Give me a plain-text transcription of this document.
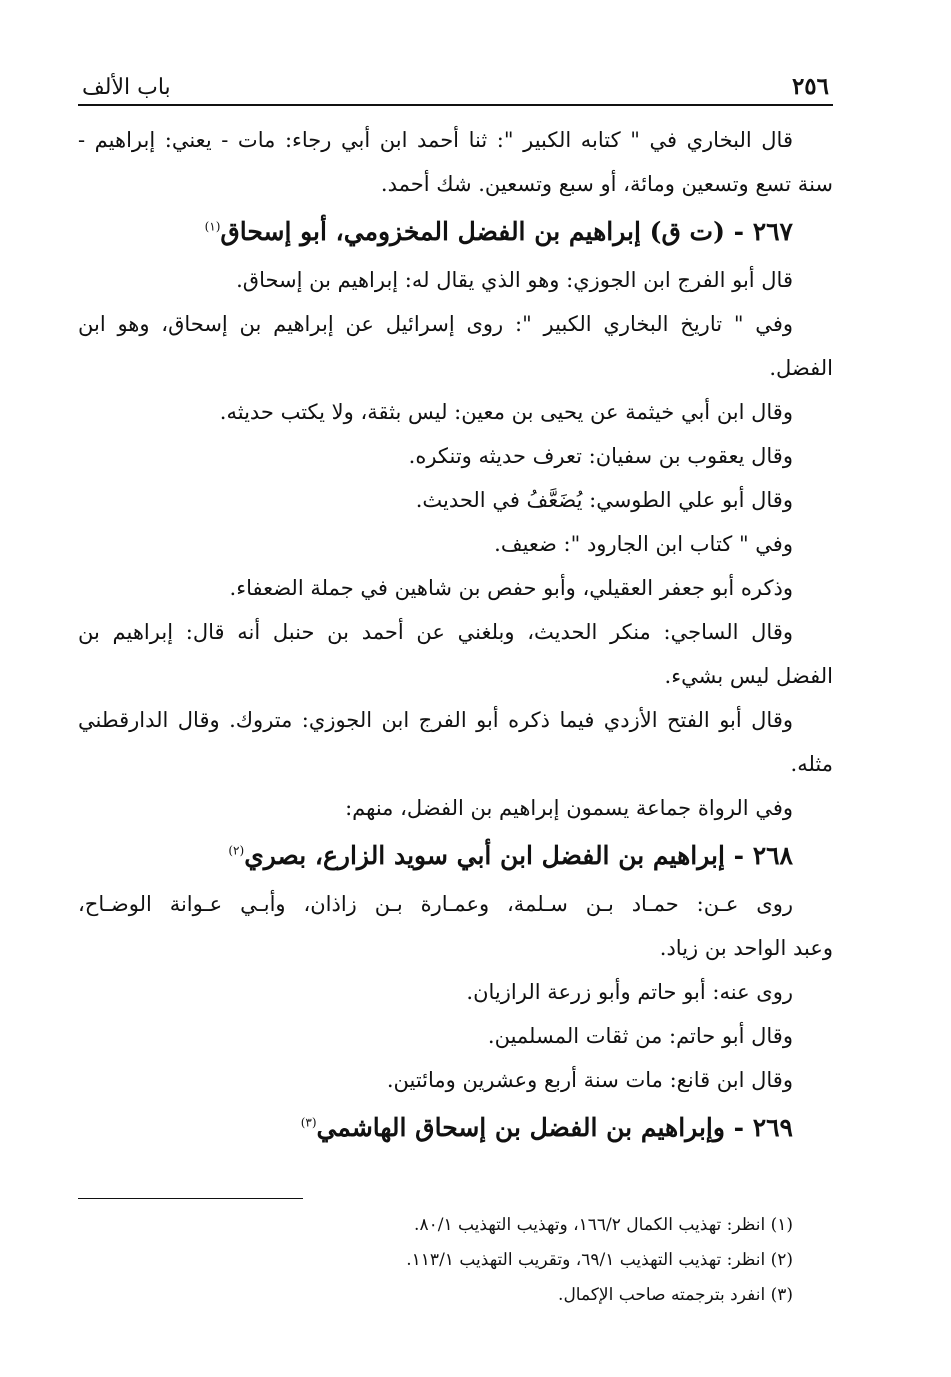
٢٥٦
باب الألف

قال البخاري في " كتابه الكبير ": ثنا أحمد ابن أبي رجاء: مات - يعني: إبراهيم -

سنة تسع وتسعين ومائة، أو سبع وتسعين. شك أحمد.

٢٦٧ - (ت ق) إبراهيم بن الفضل المخزومي، أبو إسحاق$^{(١)}$

قال أبو الفرج ابن الجوزي: وهو الذي يقال له: إبراهيم بن إسحاق.

وفي " تاريخ البخاري الكبير ": روى إسرائيل عن إبراهيم بن إسحاق، وهو ابن

الفضل.

وقال ابن أبي خيثمة عن يحيى بن معين: ليس بثقة، ولا يكتب حديثه.

وقال يعقوب بن سفيان: تعرف حديثه وتنكره.

وقال أبو علي الطوسي: يُضَعَّفُ في الحديث.

وفي " كتاب ابن الجارود ": ضعيف.

وذكره أبو جعفر العقيلي، وأبو حفص بن شاهين في جملة الضعفاء.

وقال الساجي: منكر الحديث، وبلغني عن أحمد بن حنبل أنه قال: إبراهيم بن

الفضل ليس بشيء.

وقال أبو الفتح الأزدي فيما ذكره أبو الفرج ابن الجوزي: متروك. وقال الدارقطني

مثله.

وفي الرواة جماعة يسمون إبراهيم بن الفضل، منهم:

٢٦٨ - إبراهيم بن الفضل ابن أبي سويد الزارع، بصري$^{(٢)}$

روى عـن: حمـاد بـن سـلمة، وعمـارة بـن زاذان، وأبـي عـوانة الوضـاح،

وعبد الواحد بن زياد.

روى عنه: أبو حاتم وأبو زرعة الرازيان.

وقال أبو حاتم: من ثقات المسلمين.

وقال ابن قانع: مات سنة أربع وعشرين ومائتين.

٢٦٩ - وإبراهيم بن الفضل بن إسحاق الهاشمي$^{(٣)}$

(١) انظر: تهذيب الكمال ١٦٦/٢، وتهذيب التهذيب ٨٠/١.

(٢) انظر: تهذيب التهذيب ٦٩/١، وتقريب التهذيب ١١٣/١.

(٣) انفرد بترجمته صاحب الإكمال.
